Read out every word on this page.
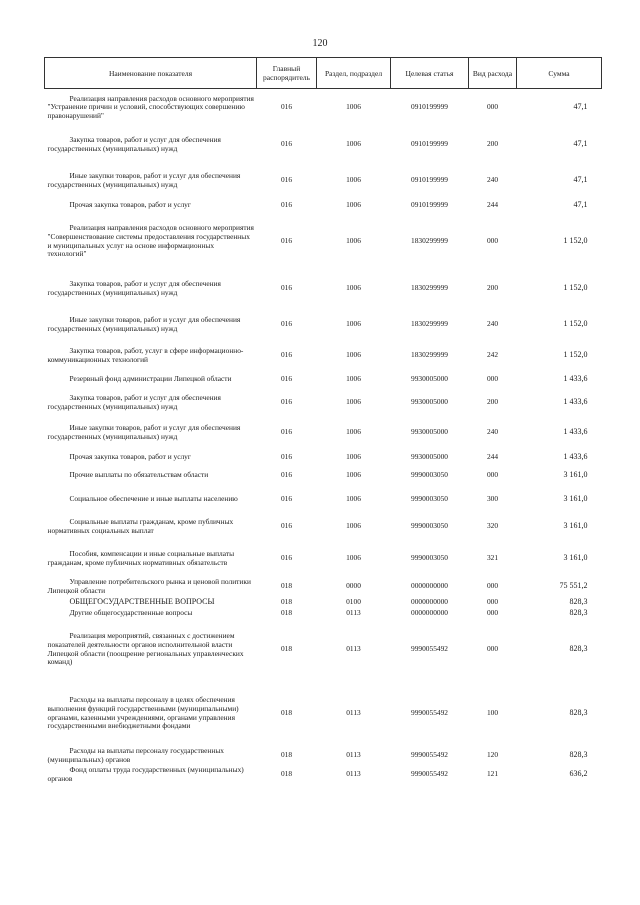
120
Наименование показателя	Главный распорядитель	Раздел, подраздел	Целевая статья	Вид расхода	Сумма
Реализация направления расходов основного мероприятия "Устранение причин и условий, способствующих совершению правонарушений"	016	1006	0910199999	000	47,1
Закупка товаров, работ и услуг для обеспечения государственных (муниципальных) нужд	016	1006	0910199999	200	47,1
Иные закупки товаров, работ и услуг для обеспечения государственных (муниципальных) нужд	016	1006	0910199999	240	47,1
Прочая закупка товаров, работ и услуг	016	1006	0910199999	244	47,1
Реализация направления расходов основного мероприятия "Совершенствование системы предоставления государственных и муниципальных услуг на основе информационных технологий"	016	1006	1830299999	000	1 152,0
Закупка товаров, работ и услуг для обеспечения государственных (муниципальных) нужд	016	1006	1830299999	200	1 152,0
Иные закупки товаров, работ и услуг для обеспечения государственных (муниципальных) нужд	016	1006	1830299999	240	1 152,0
Закупка товаров, работ, услуг в сфере информационно-коммуникационных технологий	016	1006	1830299999	242	1 152,0
Резервный фонд администрации Липецкой области	016	1006	9930005000	000	1 433,6
Закупка товаров, работ и услуг для обеспечения государственных (муниципальных) нужд	016	1006	9930005000	200	1 433,6
Иные закупки товаров, работ и услуг для обеспечения государственных (муниципальных) нужд	016	1006	9930005000	240	1 433,6
Прочая закупка товаров, работ и услуг	016	1006	9930005000	244	1 433,6
Прочие выплаты по обязательствам области	016	1006	9990003050	000	3 161,0
Социальное обеспечение и иные выплаты населению	016	1006	9990003050	300	3 161,0
Социальные выплаты гражданам, кроме публичных нормативных социальных выплат	016	1006	9990003050	320	3 161,0
Пособия, компенсации и иные социальные выплаты гражданам, кроме публичных нормативных обязательств	016	1006	9990003050	321	3 161,0
Управление потребительского рынка и ценовой политики Липецкой области	018	0000	0000000000	000	75 551,2
ОБЩЕГОСУДАРСТВЕННЫЕ ВОПРОСЫ	018	0100	0000000000	000	828,3
Другие общегосударственные вопросы	018	0113	0000000000	000	828,3
Реализация мероприятий, связанных с достижением показателей деятельности органов исполнительной власти Липецкой области (поощрение региональных управленческих команд)	018	0113	9990055492	000	828,3
Расходы на выплаты персоналу в целях обеспечения выполнения функций государственными (муниципальными) органами, казенными учреждениями, органами управления государственными внебюджетными фондами	018	0113	9990055492	100	828,3
Расходы на выплаты персоналу государственных (муниципальных) органов	018	0113	9990055492	120	828,3
Фонд оплаты труда государственных (муниципальных) органов	018	0113	9990055492	121	636,2
